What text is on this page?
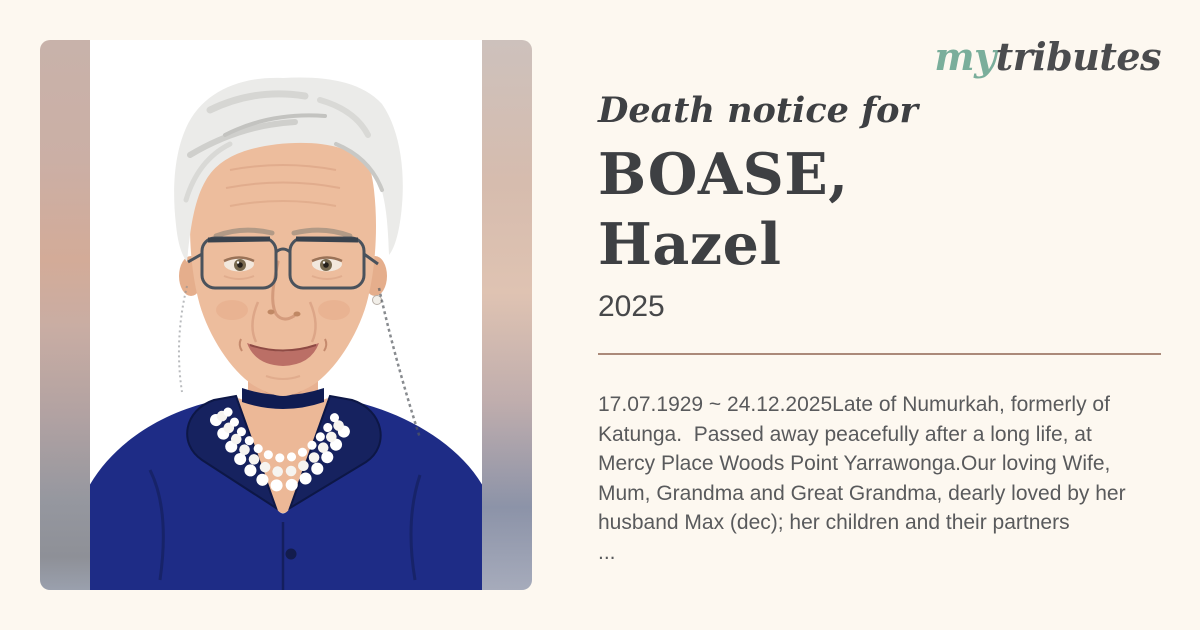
mytributes
Death notice for
BOASE,
Hazel
2025
17.07.1929 ~ 24.12.2025Late of Numurkah, formerly of
Katunga.  Passed away peacefully after a long life, at
Mercy Place Woods Point Yarrawonga.Our loving Wife,
Mum, Grandma and Great Grandma, dearly loved by her
husband Max (dec); her children and their partners
...
